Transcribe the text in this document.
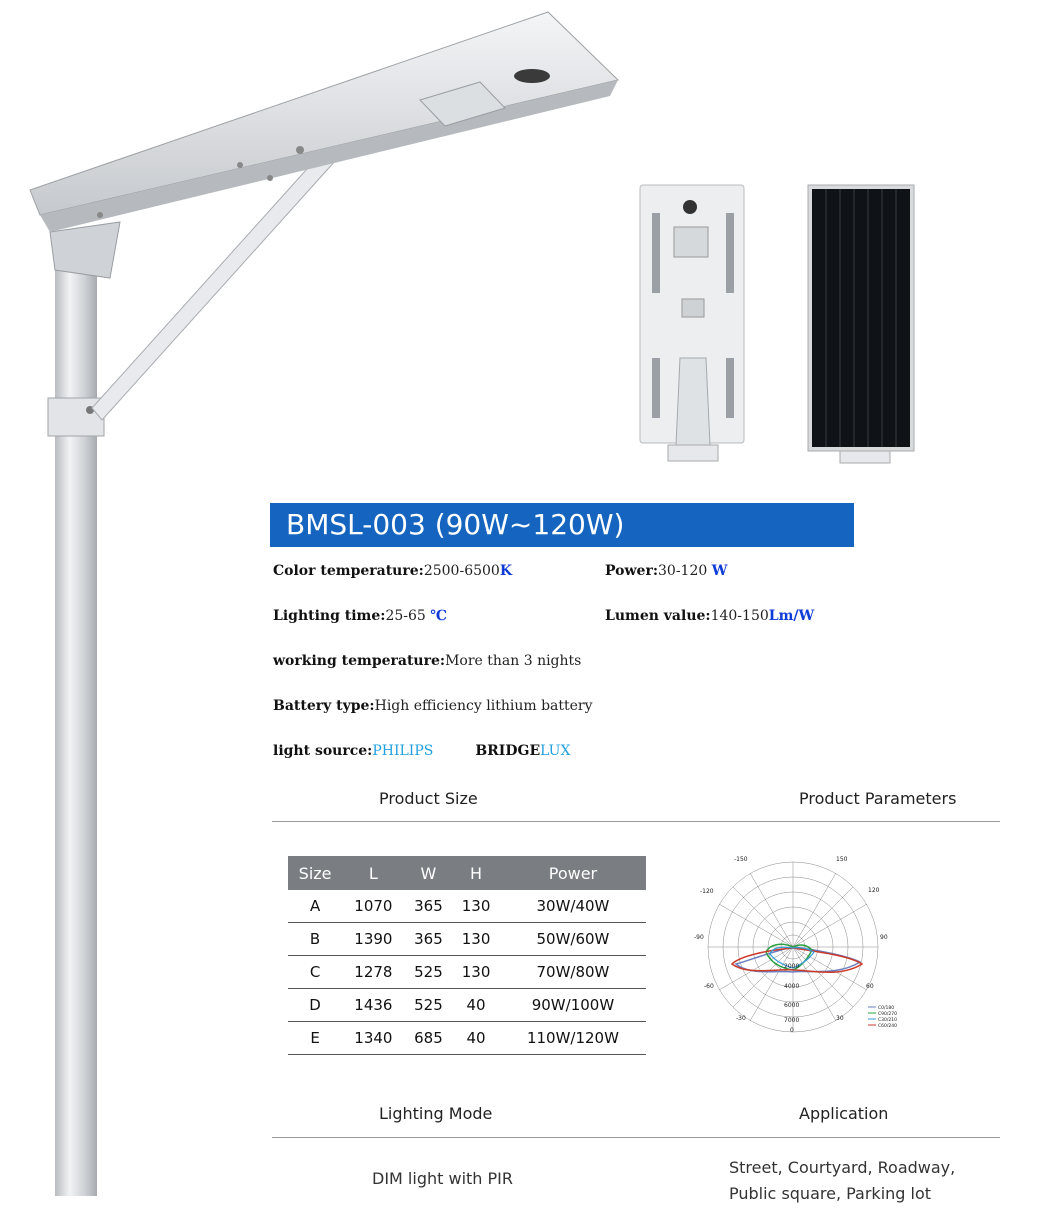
BMSL-003 (90W~120W)
Color temperature:2500-6500K	Power:30-120 W
Lighting time:25-65 ℃	Lumen value:140-150Lm/W
working temperature:More than 3 nights
Battery type:High efficiency lithium battery
light source:PHILIPS	BRIDGELUX
Product Size	Product Parameters
Size	L	W	H	Power
A	1070	365	130	30W/40W
B	1390	365	130	50W/60W
C	1278	525	130	70W/80W
D	1436	525	40	90W/100W
E	1340	685	40	110W/120W
-150	150
-120	120
-90	90
-60	60
-30	30
0
2000
4000
6000
7000
C0/180
C90/270
C30/210
C60/240
Lighting Mode	Application
DIM light with PIR
Street, Courtyard, Roadway,
Public square, Parking lot
